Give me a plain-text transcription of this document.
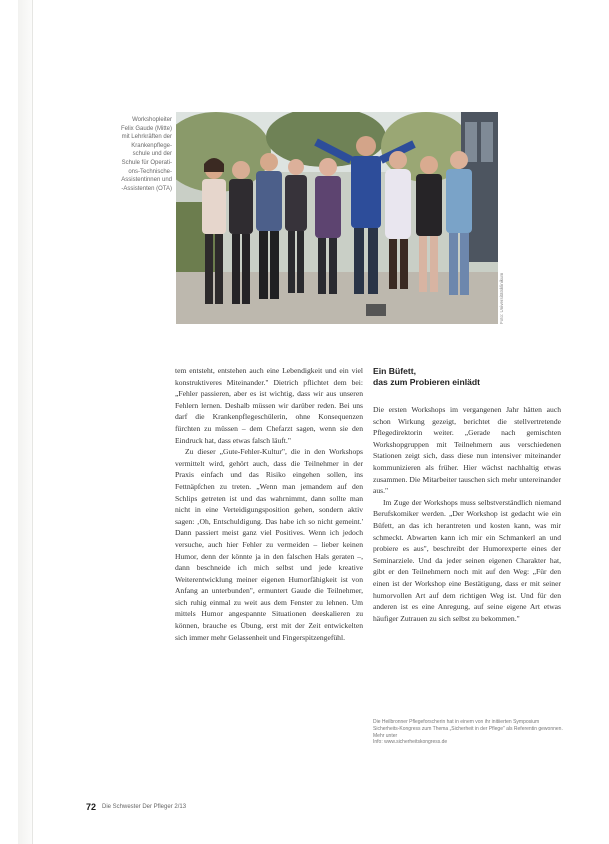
Workshopleiter
Felix Gaude (Mitte)
mit Lehrkräften der
Krankenpflege-
schule und der
Schule für Operati-
ons-Technische-
Assistentinnen und
-Assistenten (OTA)
Foto: Universitätsklinikum

tem entsteht, entstehen auch eine Lebendigkeit und ein viel konstruktiveres Miteinander." Dietrich pflichtet dem bei: „Fehler passieren, aber es ist wichtig, dass wir aus unseren Fehlern lernen. Deshalb müssen wir darüber reden. Bei uns darf die Krankenpflegeschülerin, ohne Konsequenzen fürchten zu müssen – dem Chefarzt sagen, wenn sie den Eindruck hat, dass etwas falsch läuft."

Zu dieser „Gute-Fehler-Kultur", die in den Workshops vermittelt wird, gehört auch, dass die Teilnehmer in der Praxis einfach und das Risiko eingehen sollen, ins Fettnäpfchen zu treten. „Wenn man jemandem auf den Schlips getreten ist und das wahrnimmt, dann sollte man nicht in eine Verteidigungsposition gehen, sondern aktiv sagen: ‚Oh, Entschuldigung. Das habe ich so nicht gemeint.' Dann passiert meist ganz viel Positives. Wenn ich jedoch versuche, auch hier Fehler zu vermeiden – lieber keinen Humor, denn der könnte ja in den falschen Hals geraten –, dann beschneide ich mich selbst und jede kreative Weiterentwicklung meiner eigenen Humorfähigkeit ist von Anfang an unterbunden", ermuntert Gaude die Teilnehmer, sich ruhig einmal zu weit aus dem Fenster zu lehnen. Um mittels Humor angespannte Situationen deeskalieren zu können, brauche es Übung, erst mit der Zeit entwickelten sich immer mehr Gelassenheit und Fingerspitzengefühl.

Ein Büfett,
das zum Probieren einlädt

Die ersten Workshops im vergangenen Jahr hätten auch schon Wirkung gezeigt, berichtet die stellvertretende Pflegedirektorin weiter. „Gerade nach gemischten Workshopgruppen mit Teilnehmern aus verschiedenen Stationen zeigt sich, dass diese nun intensiver miteinander kommunizieren als früher. Hier wächst nachhaltig etwas zusammen. Die Mitarbeiter tauschen sich mehr untereinander aus."

Im Zuge der Workshops muss selbstverständlich niemand Berufskomiker werden. „Der Workshop ist gedacht wie ein Büfett, an das ich herantreten und kosten kann, was mir schmeckt. Abwarten kann ich mir ein Schmankerl an und probiere es aus", beschreibt der Humorexperte eines der Seminarziele. Und da jeder seinen eigenen Charakter hat, gibt er den Teilnehmern noch mit auf den Weg: „Für den einen ist der Workshop eine Bestätigung, dass er mit seiner humorvollen Art auf dem richtigen Weg ist. Und für den anderen ist es eine Anregung, auf seine eigene Art etwas häufiger Zutrauen zu sich selbst zu bekommen."

Die Heilbronner Pflegeforscherin hat in einem von ihr initiierten Symposium Sicherheits-Kongress zum Thema „Sicherheit in der Pflege" als Referentin gewonnen. Mehr unter

Info: www.sicherheitskongress.de

72 Die Schwester Der Pfleger 2/13
